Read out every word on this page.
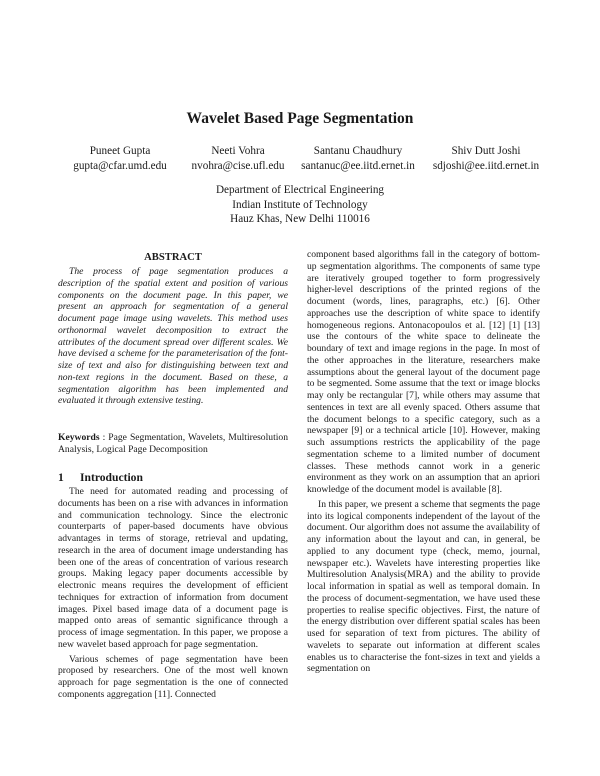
Wavelet Based Page Segmentation
Puneet Gupta
gupta@cfar.umd.edu
Neeti Vohra
nvohra@cise.ufl.edu
Santanu Chaudhury
santanuc@ee.iitd.ernet.in
Shiv Dutt Joshi
sdjoshi@ee.iitd.ernet.in
Department of Electrical Engineering
Indian Institute of Technology
Hauz Khas, New Delhi 110016
ABSTRACT

The process of page segmentation produces a description of the spatial extent and position of various components on the document page. In this paper, we present an approach for segmentation of a general document page image using wavelets. This method uses orthonormal wavelet decomposition to extract the attributes of the document spread over different scales. We have devised a scheme for the parameterisation of the font-size of text and also for distinguishing between text and non-text regions in the document. Based on these, a segmentation algorithm has been implemented and evaluated it through extensive testing.

Keywords : Page Segmentation, Wavelets, Multiresolution Analysis, Logical Page Decomposition

1 Introduction

The need for automated reading and processing of documents has been on a rise with advances in information and communication technology. Since the electronic counterparts of paper-based documents have obvious advantages in terms of storage, retrieval and updating, research in the area of document image understanding has been one of the areas of concentration of various research groups. Making legacy paper documents accessible by electronic means requires the development of efficient techniques for extraction of information from document images. Pixel based image data of a document page is mapped onto areas of semantic significance through a process of image segmentation. In this paper, we propose a new wavelet based approach for page segmentation.

Various schemes of page segmentation have been proposed by researchers. One of the most well known approach for page segmentation is the one of connected components aggregation [11]. Connected

component based algorithms fall in the category of bottom-up segmentation algorithms. The components of same type are iteratively grouped together to form progressively higher-level descriptions of the printed regions of the document (words, lines, paragraphs, etc.) [6]. Other approaches use the description of white space to identify homogeneous regions. Antonacopoulos et al. [12] [1] [13] use the contours of the white space to delineate the boundary of text and image regions in the page. In most of the other approaches in the literature, researchers make assumptions about the general layout of the document page to be segmented. Some assume that the text or image blocks may only be rectangular [7], while others may assume that sentences in text are all evenly spaced. Others assume that the document belongs to a specific category, such as a newspaper [9] or a technical article [10]. However, making such assumptions restricts the applicability of the page segmentation scheme to a limited number of document classes. These methods cannot work in a generic environment as they work on an assumption that an apriori knowledge of the document model is available [8].

In this paper, we present a scheme that segments the page into its logical components independent of the layout of the document. Our algorithm does not assume the availability of any information about the layout and can, in general, be applied to any document type (check, memo, journal, newspaper etc.). Wavelets have interesting properties like Multiresolution Analysis(MRA) and the ability to provide local information in spatial as well as temporal domain. In the process of document-segmentation, we have used these properties to realise specific objectives. First, the nature of the energy distribution over different spatial scales has been used for separation of text from pictures. The ability of wavelets to separate out information at different scales enables us to characterise the font-sizes in text and yields a segmentation on
